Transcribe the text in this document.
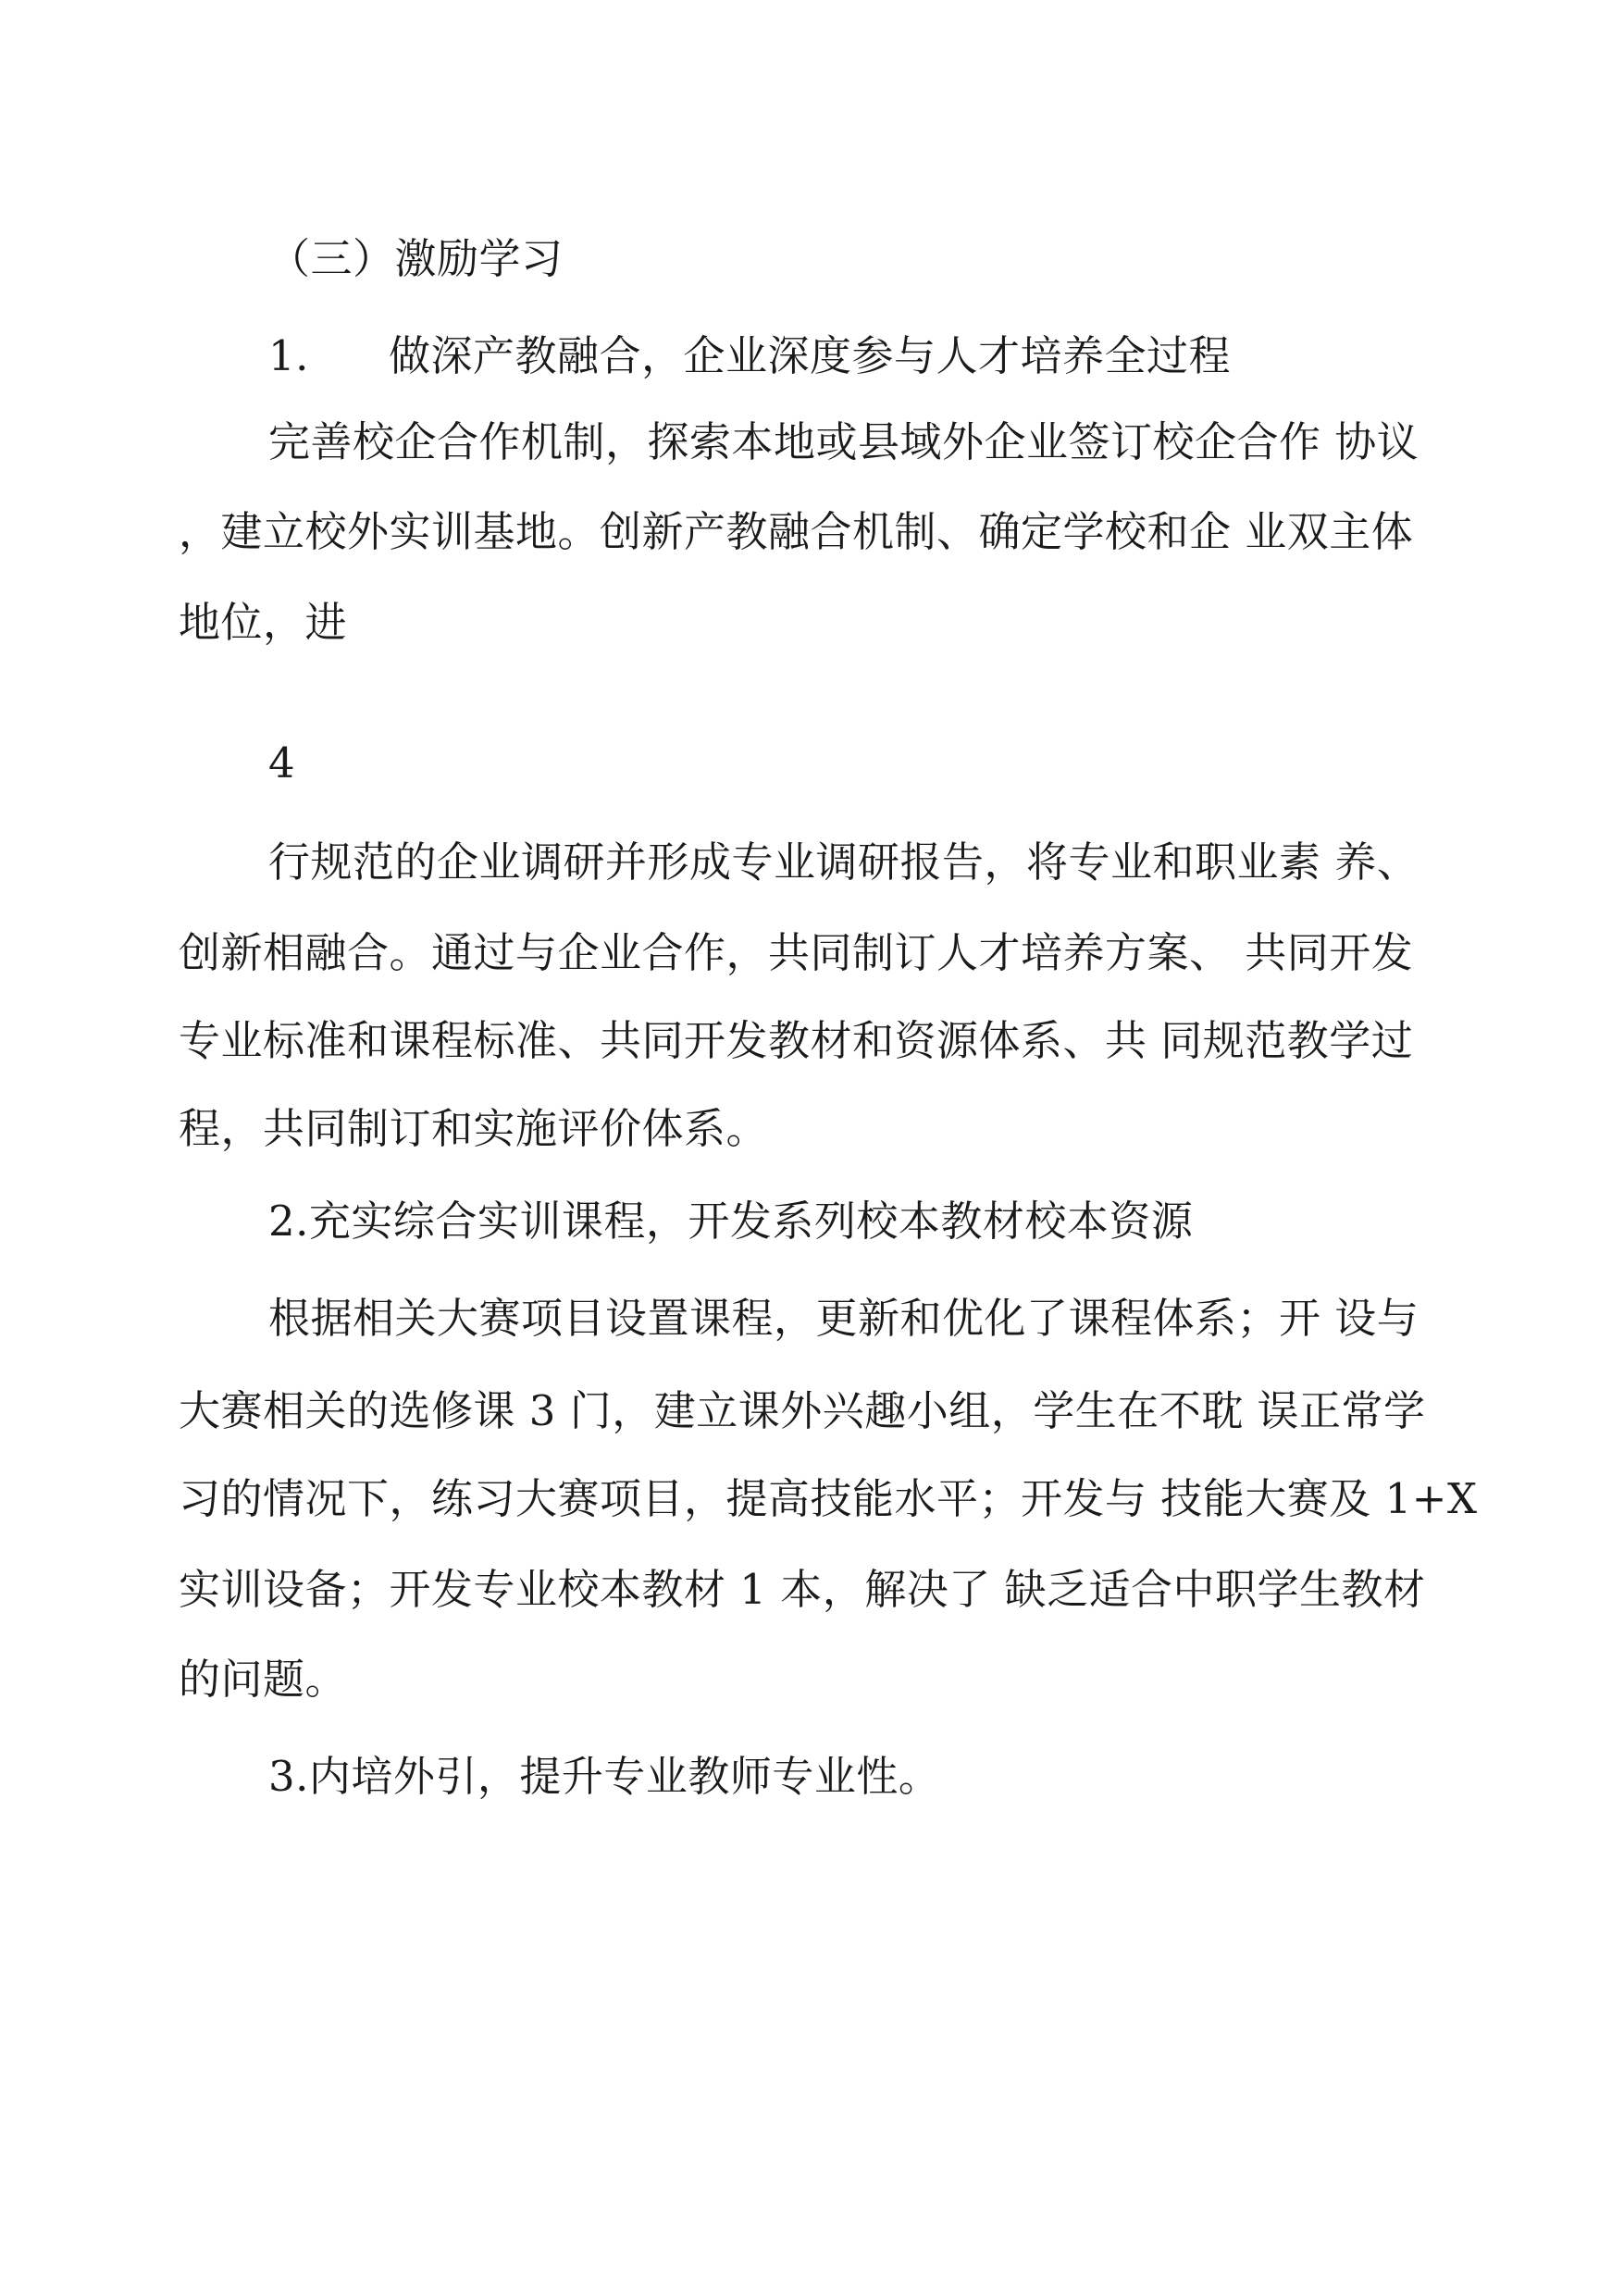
（三）激励学习
1. 做深产教融合，企业深度参与人才培养全过程
完善校企合作机制，探索本地或县域外企业签订校企合作 协议
，建立校外实训基地。创新产教融合机制、确定学校和企 业双主体
地位，进
4
行规范的企业调研并形成专业调研报告，将专业和职业素 养、
创新相融合。通过与企业合作，共同制订人才培养方案、 共同开发
专业标准和课程标准、共同开发教材和资源体系、共 同规范教学过
程，共同制订和实施评价体系。
2.充实综合实训课程，开发系列校本教材校本资源
根据相关大赛项目设置课程，更新和优化了课程体系；开 设与
大赛相关的选修课 3 门，建立课外兴趣小组，学生在不耽 误正常学
习的情况下，练习大赛项目，提高技能水平；开发与 技能大赛及 1+X
实训设备；开发专业校本教材 1 本，解决了 缺乏适合中职学生教材
的问题。
3.内培外引，提升专业教师专业性。
